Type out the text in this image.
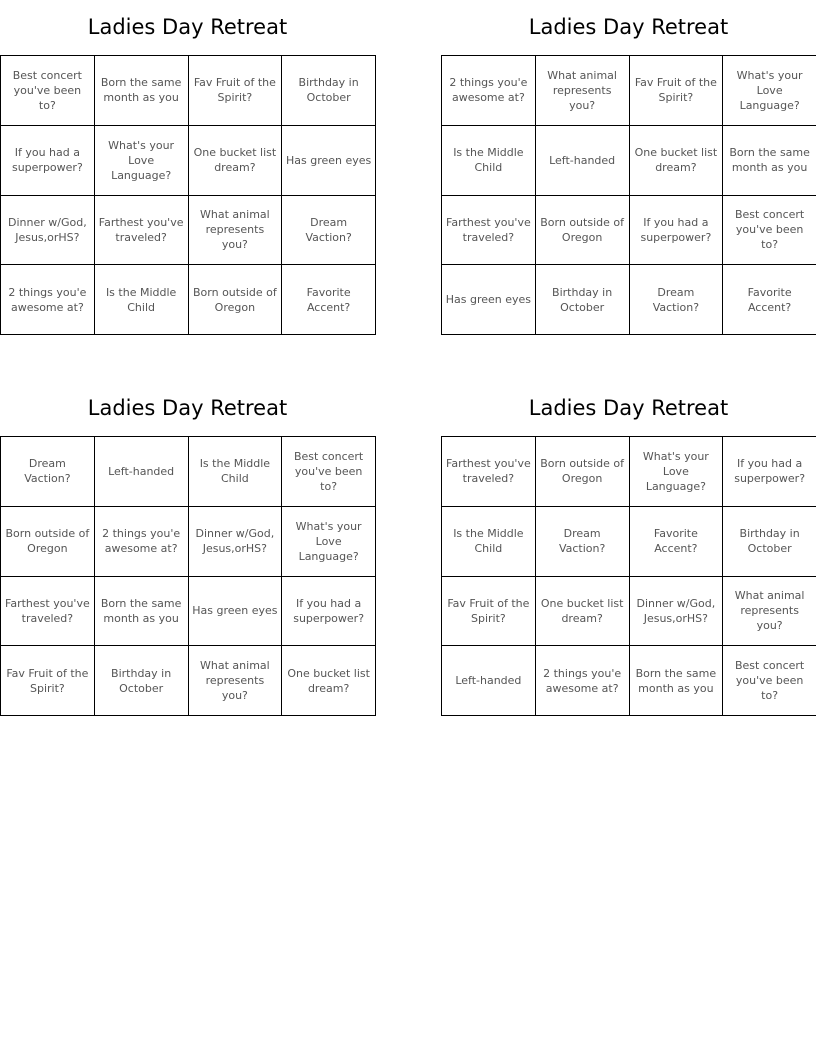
Ladies Day Retreat
Best concert you've been to?	Born the same month as you	Fav Fruit of the Spirit?	Birthday in October
If you had a superpower?	What's your Love Language?	One bucket list dream?	Has green eyes
Dinner w/God, Jesus,orHS?	Farthest you've traveled?	What animal represents you?	Dream Vaction?
2 things you'e awesome at?	Is the Middle Child	Born outside of Oregon	Favorite Accent?
Ladies Day Retreat
2 things you'e awesome at?	What animal represents you?	Fav Fruit of the Spirit?	What's your Love Language?
Is the Middle Child	Left-handed	One bucket list dream?	Born the same month as you
Farthest you've traveled?	Born outside of Oregon	If you had a superpower?	Best concert you've been to?
Has green eyes	Birthday in October	Dream Vaction?	Favorite Accent?
Ladies Day Retreat
Dream Vaction?	Left-handed	Is the Middle Child	Best concert you've been to?
Born outside of Oregon	2 things you'e awesome at?	Dinner w/God, Jesus,orHS?	What's your Love Language?
Farthest you've traveled?	Born the same month as you	Has green eyes	If you had a superpower?
Fav Fruit of the Spirit?	Birthday in October	What animal represents you?	One bucket list dream?
Ladies Day Retreat
Farthest you've traveled?	Born outside of Oregon	What's your Love Language?	If you had a superpower?
Is the Middle Child	Dream Vaction?	Favorite Accent?	Birthday in October
Fav Fruit of the Spirit?	One bucket list dream?	Dinner w/God, Jesus,orHS?	What animal represents you?
Left-handed	2 things you'e awesome at?	Born the same month as you	Best concert you've been to?
